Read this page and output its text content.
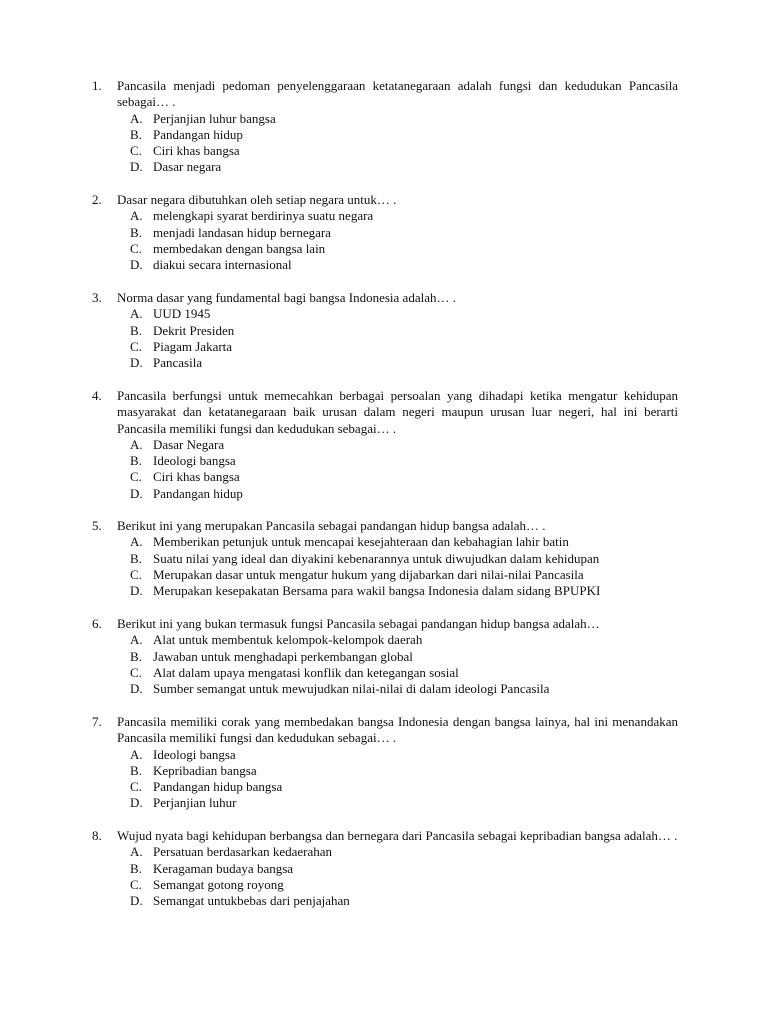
1.	Pancasila menjadi pedoman penyelenggaraan ketatanegaraan adalah fungsi dan kedudukan Pancasila sebagai… .
A. Perjanjian luhur bangsa
B. Pandangan hidup
C. Ciri khas bangsa
D. Dasar negara
2.	Dasar negara dibutuhkan oleh setiap negara untuk… .
A. melengkapi syarat berdirinya suatu negara
B. menjadi landasan hidup bernegara
C. membedakan dengan bangsa lain
D. diakui secara internasional
3.	Norma dasar yang fundamental bagi bangsa Indonesia adalah… .
A. UUD 1945
B. Dekrit Presiden
C. Piagam Jakarta
D. Pancasila
4.	Pancasila berfungsi untuk memecahkan berbagai persoalan yang dihadapi ketika mengatur kehidupan masyarakat dan ketatanegaraan baik urusan dalam negeri maupun urusan luar negeri, hal ini berarti Pancasila memiliki fungsi dan kedudukan sebagai… .
A. Dasar Negara
B. Ideologi bangsa
C. Ciri khas bangsa
D. Pandangan hidup
5.	Berikut ini yang merupakan Pancasila sebagai pandangan hidup bangsa adalah… .
A. Memberikan petunjuk untuk mencapai kesejahteraan dan kebahagian lahir batin
B. Suatu nilai yang ideal dan diyakini kebenarannya untuk diwujudkan dalam kehidupan
C. Merupakan dasar untuk mengatur hukum yang dijabarkan dari nilai-nilai Pancasila
D. Merupakan kesepakatan Bersama para wakil bangsa Indonesia dalam sidang BPUPKI
6.	Berikut ini yang bukan termasuk fungsi Pancasila sebagai pandangan hidup bangsa adalah…
A. Alat untuk membentuk kelompok-kelompok daerah
B. Jawaban untuk menghadapi perkembangan global
C. Alat dalam upaya mengatasi konflik dan ketegangan sosial
D. Sumber semangat untuk mewujudkan nilai-nilai di dalam ideologi Pancasila
7.	Pancasila memiliki corak yang membedakan bangsa Indonesia dengan bangsa lainya, hal ini menandakan Pancasila memiliki fungsi dan kedudukan sebagai… .
A. Ideologi bangsa
B. Kepribadian bangsa
C. Pandangan hidup bangsa
D. Perjanjian luhur
8.	Wujud nyata bagi kehidupan berbangsa dan bernegara dari Pancasila sebagai kepribadian bangsa adalah… .
A. Persatuan berdasarkan kedaerahan
B. Keragaman budaya bangsa
C. Semangat gotong royong
D. Semangat untukbebas dari penjajahan
